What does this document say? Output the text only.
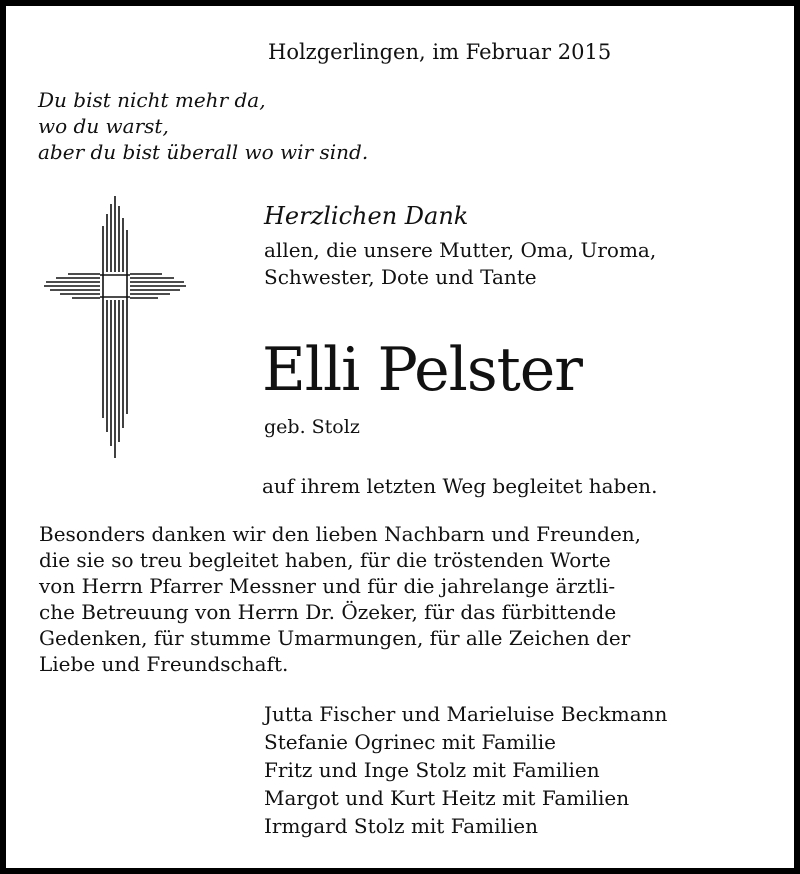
Holzgerlingen, im Februar 2015
Du bist nicht mehr da,
wo du warst,
aber du bist überall wo wir sind.
Herzlichen Dank
allen, die unsere Mutter, Oma, Uroma,
Schwester, Dote und Tante
Elli Pelster
geb. Stolz
auf ihrem letzten Weg begleitet haben.
Besonders danken wir den lieben Nachbarn und Freunden,
die sie so treu begleitet haben, für die tröstenden Worte
von Herrn Pfarrer Messner und für die jahrelange ärztli-
che Betreuung von Herrn Dr. Özeker, für das fürbittende
Gedenken, für stumme Umarmungen, für alle Zeichen der
Liebe und Freundschaft.
Jutta Fischer und Marieluise Beckmann
Stefanie Ogrinec mit Familie
Fritz und Inge Stolz mit Familien
Margot und Kurt Heitz mit Familien
Irmgard Stolz mit Familien
